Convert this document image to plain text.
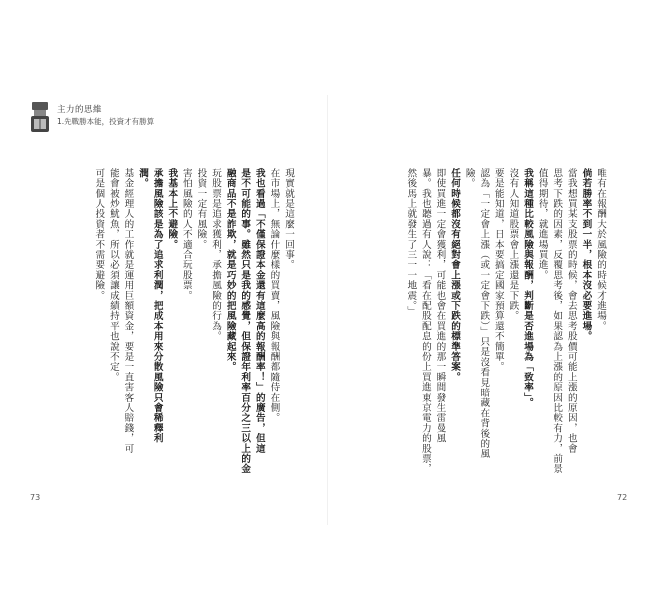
主力的思維
1.先戰勝本能，投資才有勝算
唯有在報酬大於風險的時候才進場。
倘若勝率不到一半，根本沒必要進場。
當我想買某支股票的時候，會去思考股價可能上漲的原因，也會
思考下跌的因素，反覆思考後，如果認為上漲的原因比較有力，前景
值得期待，就進場買進。
我稱這種比較風險與報酬，判斷是否進場為「致率」。
沒有人知道股票會上漲還是下跌。
要是能知道，日本要搞定國家預算還不簡單。
認為「一定會上漲（或一定會下跌）」只是沒看見暗藏在背後的風
險。
任何時候都沒有絕對會上漲或下跌的標準答案。
即使買進一定會獲利，可能也會在買進的那一瞬間發生雷曼風
暴。我也聽過有人說：「看在配股配息的份上買進東京電力的股票，
然後馬上就發生了三一一地震。」
現實就是這麼一回事。
在市場上，無論什麼樣的買賣，風險與報酬都隨侍在側。
我也看過「不僅保證本金還有這麼高的報酬率！」的廣告，但這
是不可能的事。雖然只是我的感覺，但保證年利率百分之三以上的金
融商品不是詐欺，就是巧妙的把風險藏起來。
玩股票是追求獲利，承擔風險的行為。
投資一定有風險。
害怕風險的人不適合玩股票。
我基本上不避險。
承擔風險該是為了追求利潤，把成本用來分散風險只會稀釋利
潤。
基金經理人的工作就是運用巨額資金，要是一直害客人賠錢，可
能會被炒魷魚，所以必須讓成績持平也說不定。
可是個人投資者不需要避險。
73	72
